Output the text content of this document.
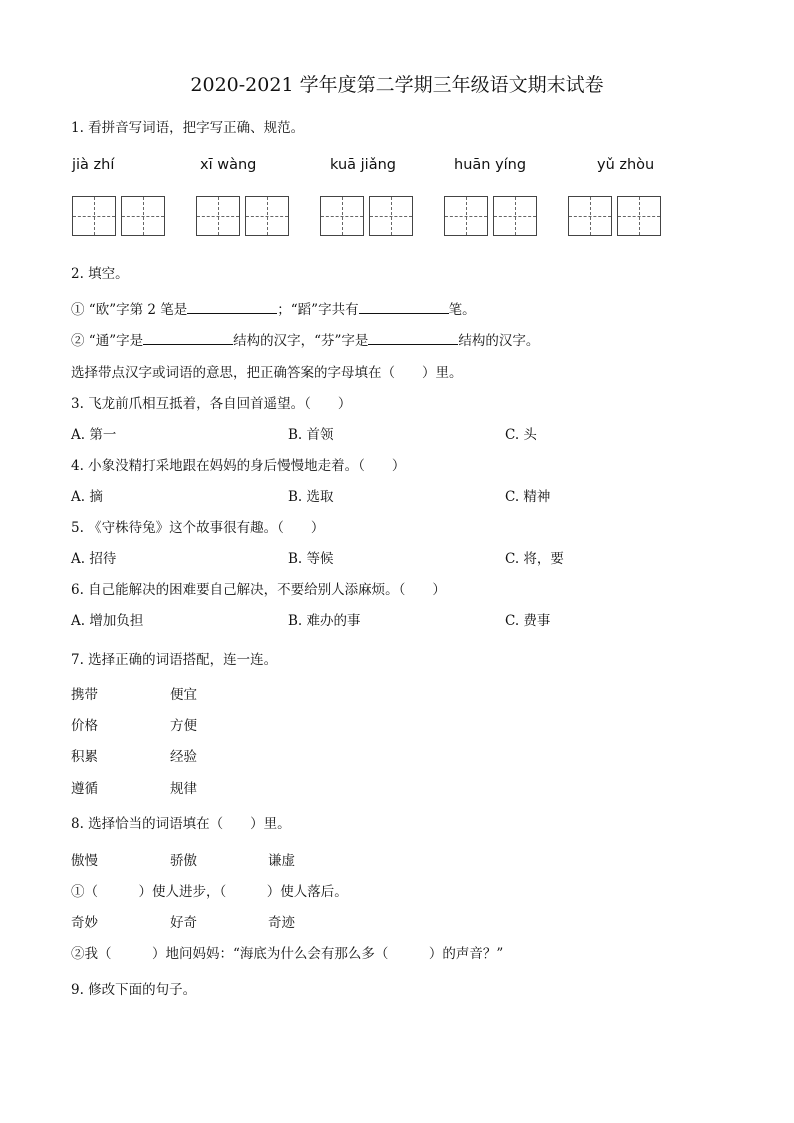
2020-2021 学年度第二学期三年级语文期末试卷
1. 看拼音写词语，把字写正确、规范。
jià zhí	xī wàng	kuā jiǎng	huān yíng	yǔ zhòu
2. 填空。
① “欧”字第 2 笔是	；“蹈”字共有	笔。
② “通”字是	结构的汉字，“芬”字是	结构的汉字。
选择带点汉字或词语的意思，把正确答案的字母填在（　　）里。
3. 飞龙前爪相互抵着，各自回首遥望。（　　）
A. 第一	B. 首领	C. 头
4. 小象没精打采地跟在妈妈的身后慢慢地走着。（　　）
A. 摘	B. 选取	C. 精神
5. 《守株待兔》这个故事很有趣。（　　）
A. 招待	B. 等候	C. 将，要
6. 自己能解决的困难要自己解决，不要给别人添麻烦。（　　）
A. 增加负担	B. 难办的事	C. 费事
7. 选择正确的词语搭配，连一连。
携带	便宜
价格	方便
积累	经验
遵循	规律
8. 选择恰当的词语填在（　　）里。
傲慢	骄傲	谦虚
①（　　　）使人进步，（　　　）使人落后。
奇妙	好奇	奇迹
②我（　　　）地问妈妈：“海底为什么会有那么多（　　　）的声音？”
9. 修改下面的句子。
